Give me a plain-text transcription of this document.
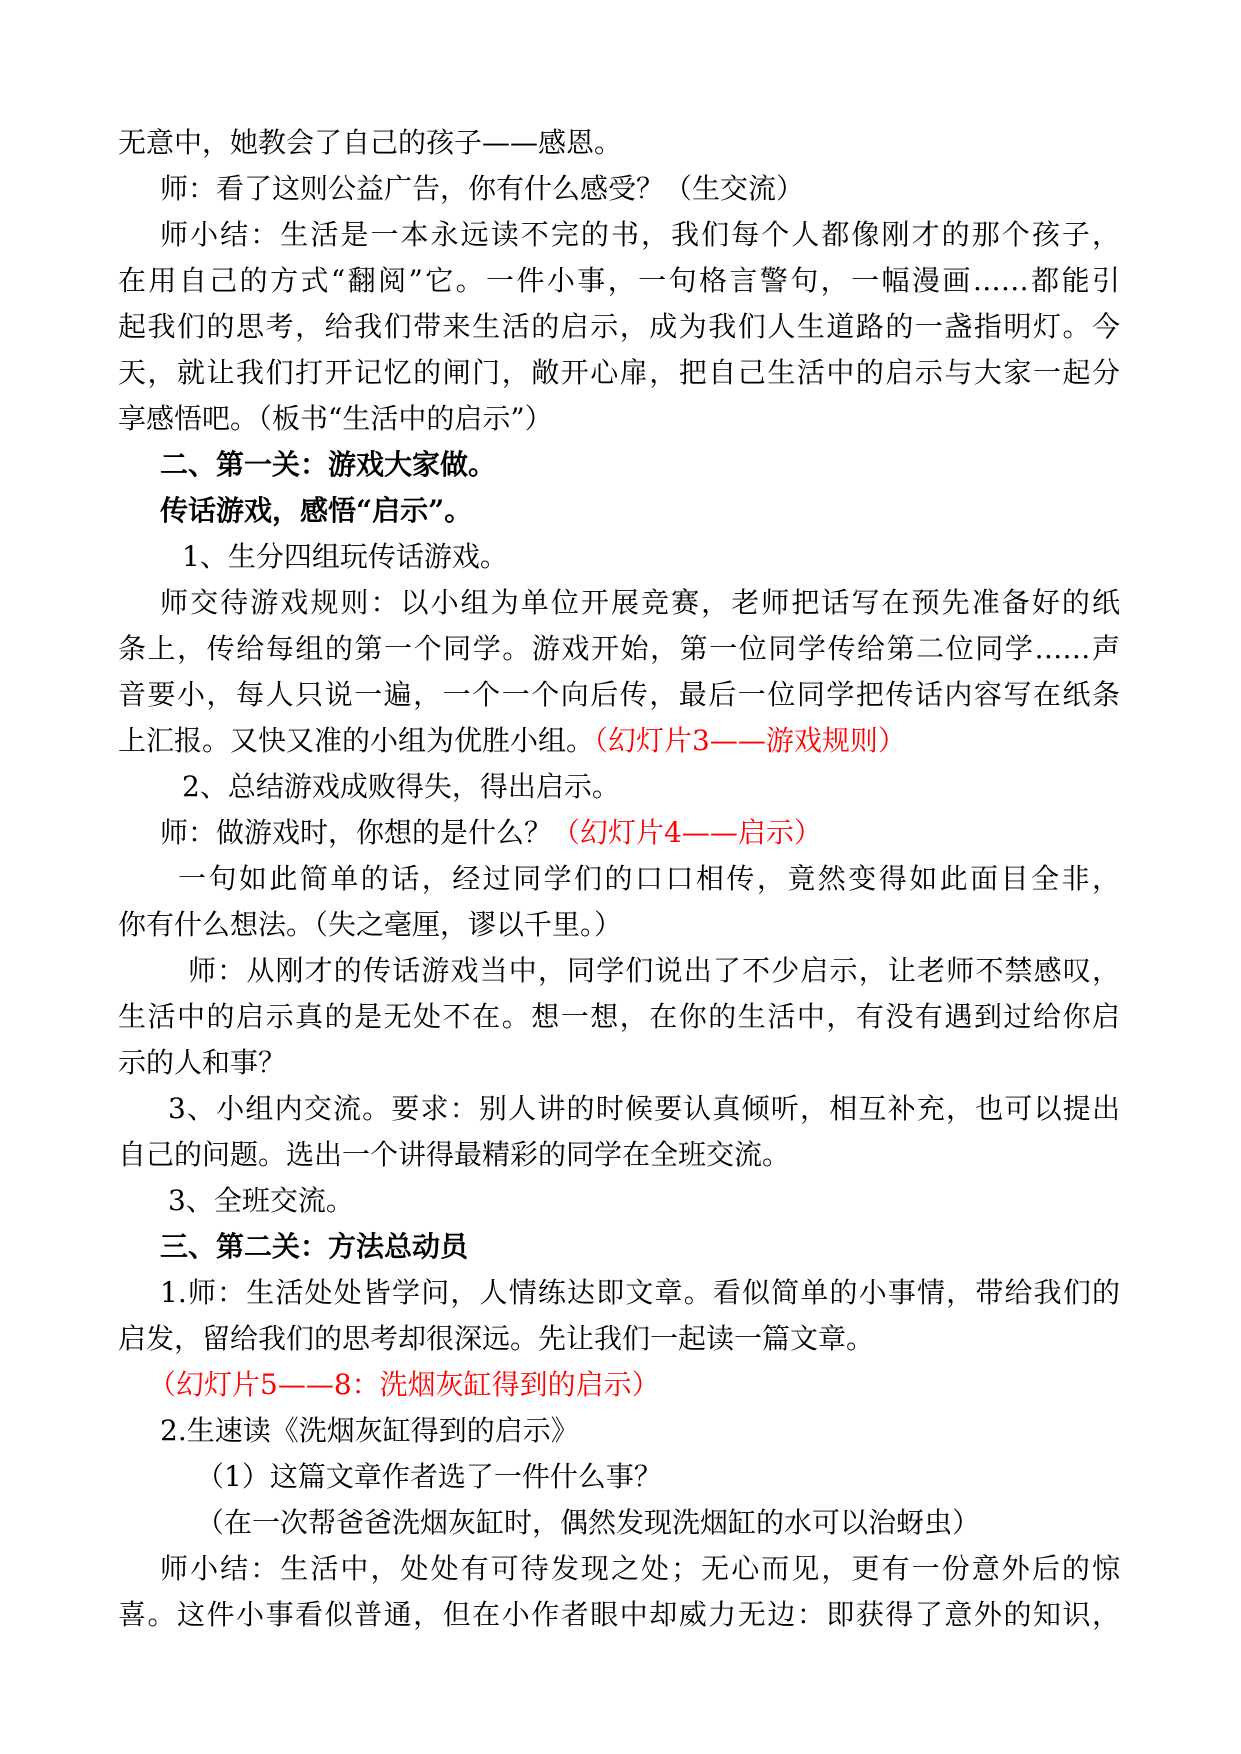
无意中，她教会了自己的孩子——感恩。
师：看了这则公益广告，你有什么感受？（生交流）
师小结：生活是一本永远读不完的书，我们每个人都像刚才的那个孩子，
在用自己的方式“翻阅”它。一件小事，一句格言警句，一幅漫画……都能引
起我们的思考，给我们带来生活的启示，成为我们人生道路的一盏指明灯。今
天，就让我们打开记忆的闸门，敞开心扉，把自己生活中的启示与大家一起分
享感悟吧。（板书“生活中的启示”）
二、第一关：游戏大家做。
传话游戏，感悟“启示”。
1、生分四组玩传话游戏。
师交待游戏规则：以小组为单位开展竞赛，老师把话写在预先准备好的纸
条上，传给每组的第一个同学。游戏开始，第一位同学传给第二位同学……声
音要小，每人只说一遍，一个一个向后传，最后一位同学把传话内容写在纸条
上汇报。又快又准的小组为优胜小组。（幻灯片3——游戏规则）
2、总结游戏成败得失，得出启示。
师：做游戏时，你想的是什么？（幻灯片4——启示）
一句如此简单的话，经过同学们的口口相传，竟然变得如此面目全非，
你有什么想法。（失之毫厘，谬以千里。）
师：从刚才的传话游戏当中，同学们说出了不少启示，让老师不禁感叹，
生活中的启示真的是无处不在。想一想，在你的生活中，有没有遇到过给你启
示的人和事？
3、小组内交流。要求：别人讲的时候要认真倾听，相互补充，也可以提出
自己的问题。选出一个讲得最精彩的同学在全班交流。
3、全班交流。
三、第二关：方法总动员
1.师：生活处处皆学问，人情练达即文章。看似简单的小事情，带给我们的
启发，留给我们的思考却很深远。先让我们一起读一篇文章。
（幻灯片5——8：洗烟灰缸得到的启示）
2.生速读《洗烟灰缸得到的启示》
（1）这篇文章作者选了一件什么事？
（在一次帮爸爸洗烟灰缸时，偶然发现洗烟缸的水可以治蚜虫）
师小结：生活中，处处有可待发现之处；无心而见，更有一份意外后的惊
喜。这件小事看似普通，但在小作者眼中却威力无边：即获得了意外的知识，
